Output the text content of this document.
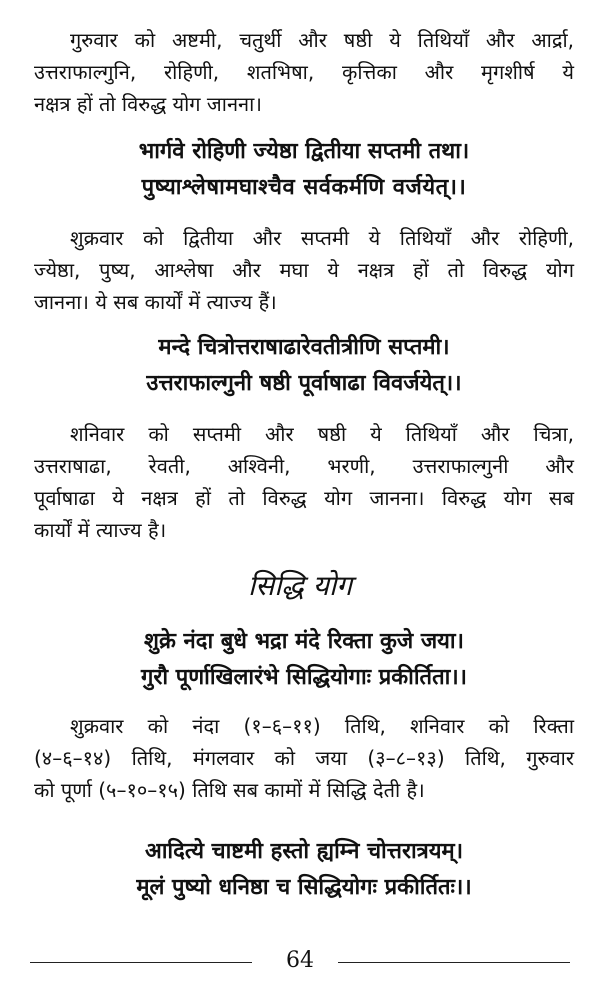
गुरुवार को अष्टमी, चतुर्थी और षष्ठी ये तिथियाँ और आर्द्रा,
उत्तराफाल्गुनि, रोहिणी, शतभिषा, कृत्तिका और मृगशीर्ष ये
नक्षत्र हों तो विरुद्ध योग जानना।
भार्गवे रोहिणी ज्येष्ठा द्वितीया सप्तमी तथा।
पुष्याश्लेषामघाश्चैव सर्वकर्मणि वर्जयेत्।।
शुक्रवार को द्वितीया और सप्तमी ये तिथियाँ और रोहिणी,
ज्येष्ठा, पुष्य, आश्लेषा और मघा ये नक्षत्र हों तो विरुद्ध योग
जानना। ये सब कार्यों में त्याज्य हैं।
मन्दे चित्रोत्तराषाढारेवतीत्रीणि सप्तमी।
उत्तराफाल्गुनी षष्ठी पूर्वाषाढा विवर्जयेत्।।
शनिवार को सप्तमी और षष्ठी ये तिथियाँ और चित्रा,
उत्तराषाढा, रेवती, अश्विनी, भरणी, उत्तराफाल्गुनी और
पूर्वाषाढा ये नक्षत्र हों तो विरुद्ध योग जानना। विरुद्ध योग सब
कार्यों में त्याज्य है।
सिद्धि योग
शुक्रे नंदा बुधे भद्रा मंदे रिक्ता कुजे जया।
गुरौ पूर्णाखिलारंभे सिद्धियोगाः प्रकीर्तिता।।
शुक्रवार को नंदा (१–६–११) तिथि, शनिवार को रिक्ता
(४–६–१४) तिथि, मंगलवार को जया (३–८–१३) तिथि, गुरुवार
को पूर्णा (५–१०–१५) तिथि सब कामों में सिद्धि देती है।
आदित्ये चाष्टमी हस्तो ह्यम्नि चोत्तरात्रयम्।
मूलं पुष्यो धनिष्ठा च सिद्धियोगः प्रकीर्तितः।।
64
